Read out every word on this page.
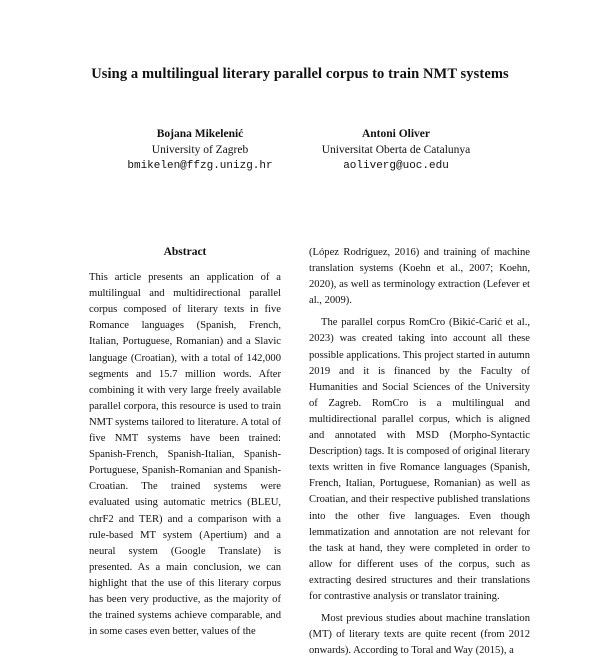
Using a multilingual literary parallel corpus to train NMT systems
Bojana Mikelenić
University of Zagreb
bmikelen@ffzg.unizg.hr
Antoni Oliver
Universitat Oberta de Catalunya
aoliverg@uoc.edu
Abstract

This article presents an application of a multilingual and multidirectional parallel corpus composed of literary texts in five Romance languages (Spanish, French, Italian, Portuguese, Romanian) and a Slavic language (Croatian), with a total of 142,000 segments and 15.7 million words. After combining it with very large freely available parallel corpora, this resource is used to train NMT systems tailored to literature. A total of five NMT systems have been trained: Spanish-French, Spanish-Italian, Spanish-Portuguese, Spanish-Romanian and Spanish-Croatian. The trained systems were evaluated using automatic metrics (BLEU, chrF2 and TER) and a comparison with a rule-based MT system (Apertium) and a neural system (Google Translate) is presented. As a main conclusion, we can highlight that the use of this literary corpus has been very productive, as the majority of the trained systems achieve comparable, and in some cases even better, values of the

(López Rodríguez, 2016) and training of machine translation systems (Koehn et al., 2007; Koehn, 2020), as well as terminology extraction (Lefever et al., 2009).

The parallel corpus RomCro (Bikić-Carić et al., 2023) was created taking into account all these possible applications. This project started in autumn 2019 and it is financed by the Faculty of Humanities and Social Sciences of the University of Zagreb. RomCro is a multilingual and multidirectional parallel corpus, which is aligned and annotated with MSD (Morpho-Syntactic Description) tags. It is composed of original literary texts written in five Romance languages (Spanish, French, Italian, Portuguese, Romanian) as well as Croatian, and their respective published translations into the other five languages. Even though lemmatization and annotation are not relevant for the task at hand, they were completed in order to allow for different uses of the corpus, such as extracting desired structures and their translations for contrastive analysis or translator training.

Most previous studies about machine translation (MT) of literary texts are quite recent (from 2012 onwards). According to Toral and Way (2015), a
